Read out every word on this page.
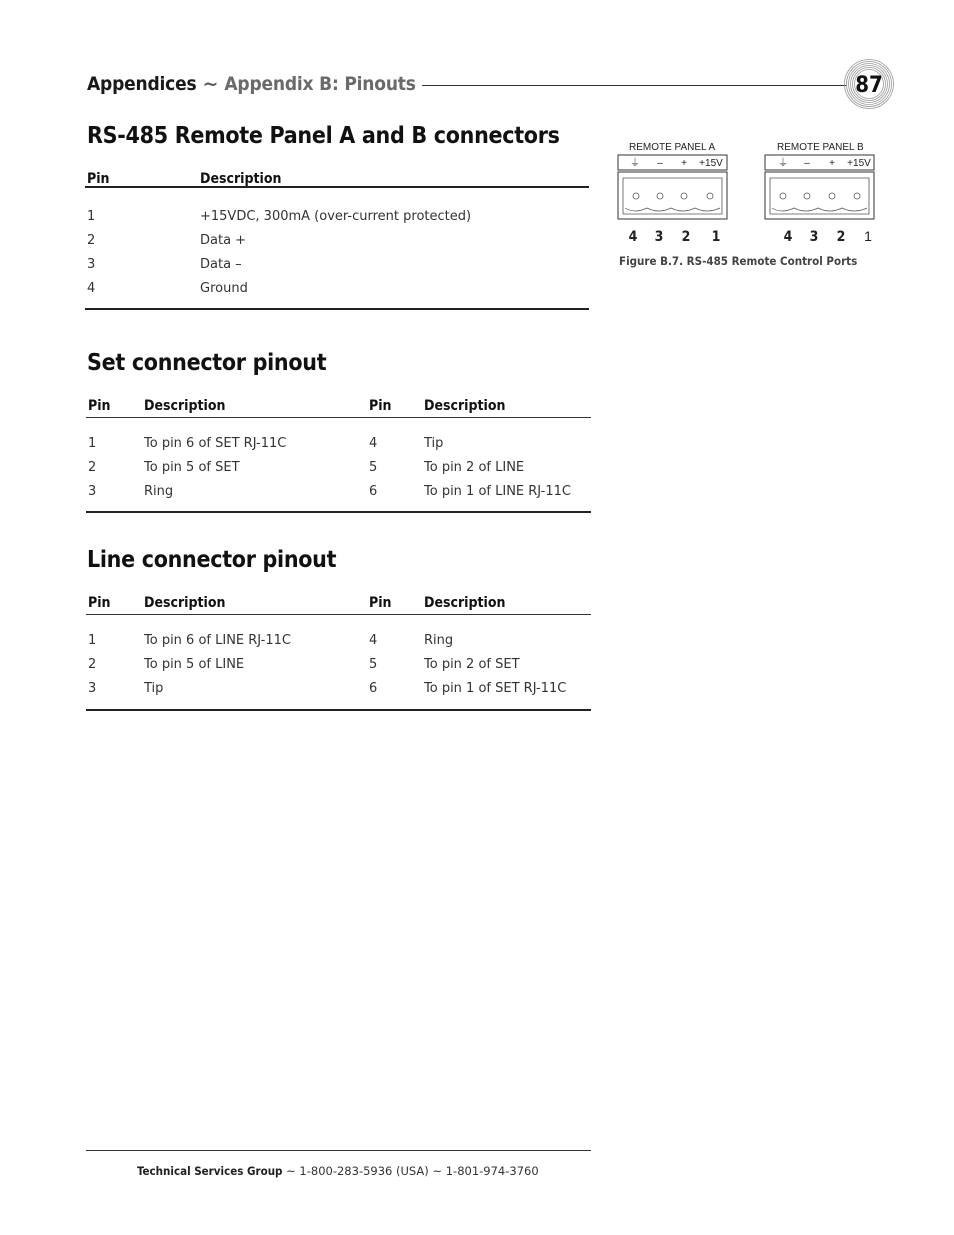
Appendices ~ Appendix B: Pinouts	87
RS-485 Remote Panel A and B connectors
Pin	Description
1	+15VDC, 300mA (over-current protected)
2	Data +
3	Data –
4	Ground
REMOTE PANEL A
⏚ – + +15V
4 3 2 1
REMOTE PANEL B
⏚ – + +15V
4 3 2 1
Figure B.7. RS-485 Remote Control Ports
Set connector pinout
Pin Description	Pin Description
1	To pin 6 of SET RJ-11C	4	Tip
2	To pin 5 of SET	5	To pin 2 of LINE
3	Ring	6	To pin 1 of LINE RJ-11C
Line connector pinout
Pin Description	Pin Description
1	To pin 6 of LINE RJ-11C	4	Ring
2	To pin 5 of LINE	5	To pin 2 of SET
3	Tip	6	To pin 1 of SET RJ-11C
Technical Services Group ~ 1-800-283-5936 (USA) ~ 1-801-974-3760
